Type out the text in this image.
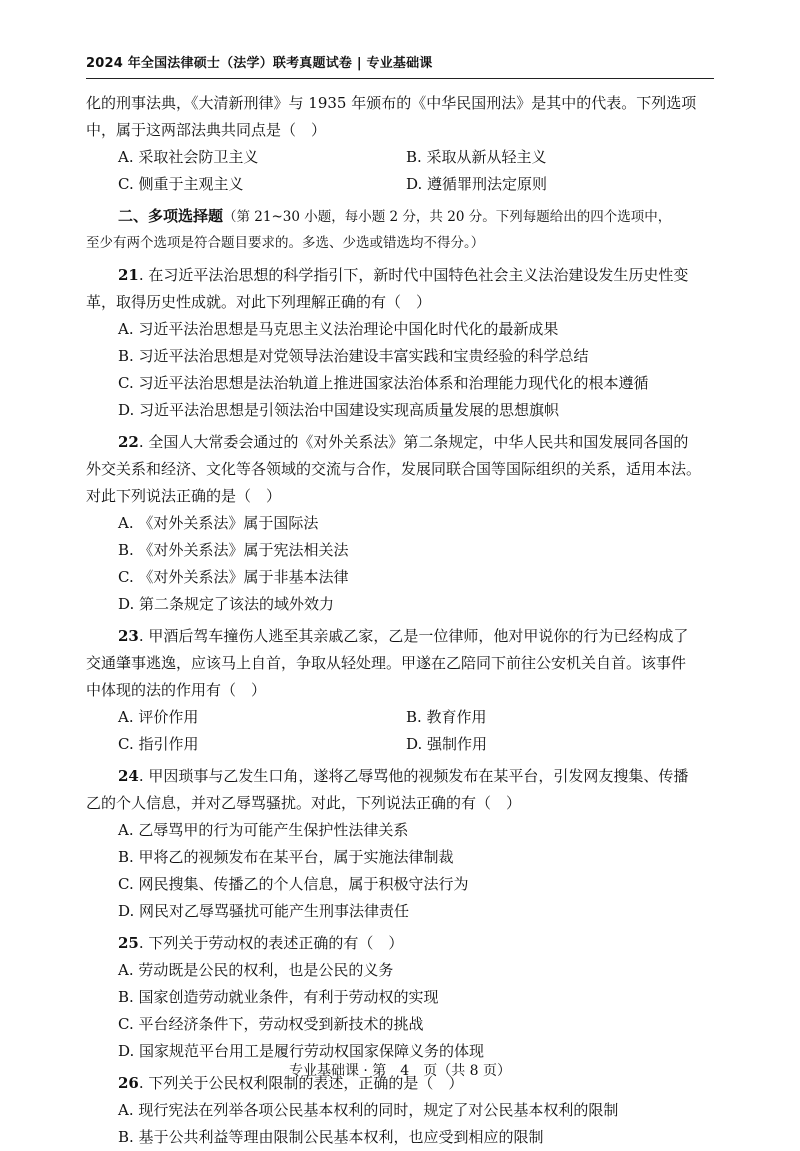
2024 年全国法律硕士（法学）联考真题试卷 | 专业基础课
化的刑事法典，《大清新刑律》与 1935 年颁布的《中华民国刑法》是其中的代表。下列选项
中，属于这两部法典共同点是（　）
A. 采取社会防卫主义	B. 采取从新从轻主义
C. 侧重于主观主义	D. 遵循罪刑法定原则
二、多项选择题（第 21~30 小题，每小题 2 分，共 20 分。下列每题给出的四个选项中，
至少有两个选项是符合题目要求的。多选、少选或错选均不得分。）
21. 在习近平法治思想的科学指引下，新时代中国特色社会主义法治建设发生历史性变
革，取得历史性成就。对此下列理解正确的有（　）
A. 习近平法治思想是马克思主义法治理论中国化时代化的最新成果
B. 习近平法治思想是对党领导法治建设丰富实践和宝贵经验的科学总结
C. 习近平法治思想是法治轨道上推进国家法治体系和治理能力现代化的根本遵循
D. 习近平法治思想是引领法治中国建设实现高质量发展的思想旗帜
22. 全国人大常委会通过的《对外关系法》第二条规定，中华人民共和国发展同各国的
外交关系和经济、文化等各领域的交流与合作，发展同联合国等国际组织的关系，适用本法。
对此下列说法正确的是（　）
A. 《对外关系法》属于国际法
B. 《对外关系法》属于宪法相关法
C. 《对外关系法》属于非基本法律
D. 第二条规定了该法的域外效力
23. 甲酒后驾车撞伤人逃至其亲戚乙家，乙是一位律师，他对甲说你的行为已经构成了
交通肇事逃逸，应该马上自首，争取从轻处理。甲遂在乙陪同下前往公安机关自首。该事件
中体现的法的作用有（　）
A. 评价作用	B. 教育作用
C. 指引作用	D. 强制作用
24. 甲因琐事与乙发生口角，遂将乙辱骂他的视频发布在某平台，引发网友搜集、传播
乙的个人信息，并对乙辱骂骚扰。对此，下列说法正确的有（　）
A. 乙辱骂甲的行为可能产生保护性法律关系
B. 甲将乙的视频发布在某平台，属于实施法律制裁
C. 网民搜集、传播乙的个人信息，属于积极守法行为
D. 网民对乙辱骂骚扰可能产生刑事法律责任
25. 下列关于劳动权的表述正确的有（　）
A. 劳动既是公民的权利，也是公民的义务
B. 国家创造劳动就业条件，有利于劳动权的实现
C. 平台经济条件下，劳动权受到新技术的挑战
D. 国家规范平台用工是履行劳动权国家保障义务的体现
26. 下列关于公民权利限制的表述，正确的是（　）
A. 现行宪法在列举各项公民基本权利的同时，规定了对公民基本权利的限制
B. 基于公共利益等理由限制公民基本权利，也应受到相应的限制
专业基础课 · 第　4　页（共 8 页）
